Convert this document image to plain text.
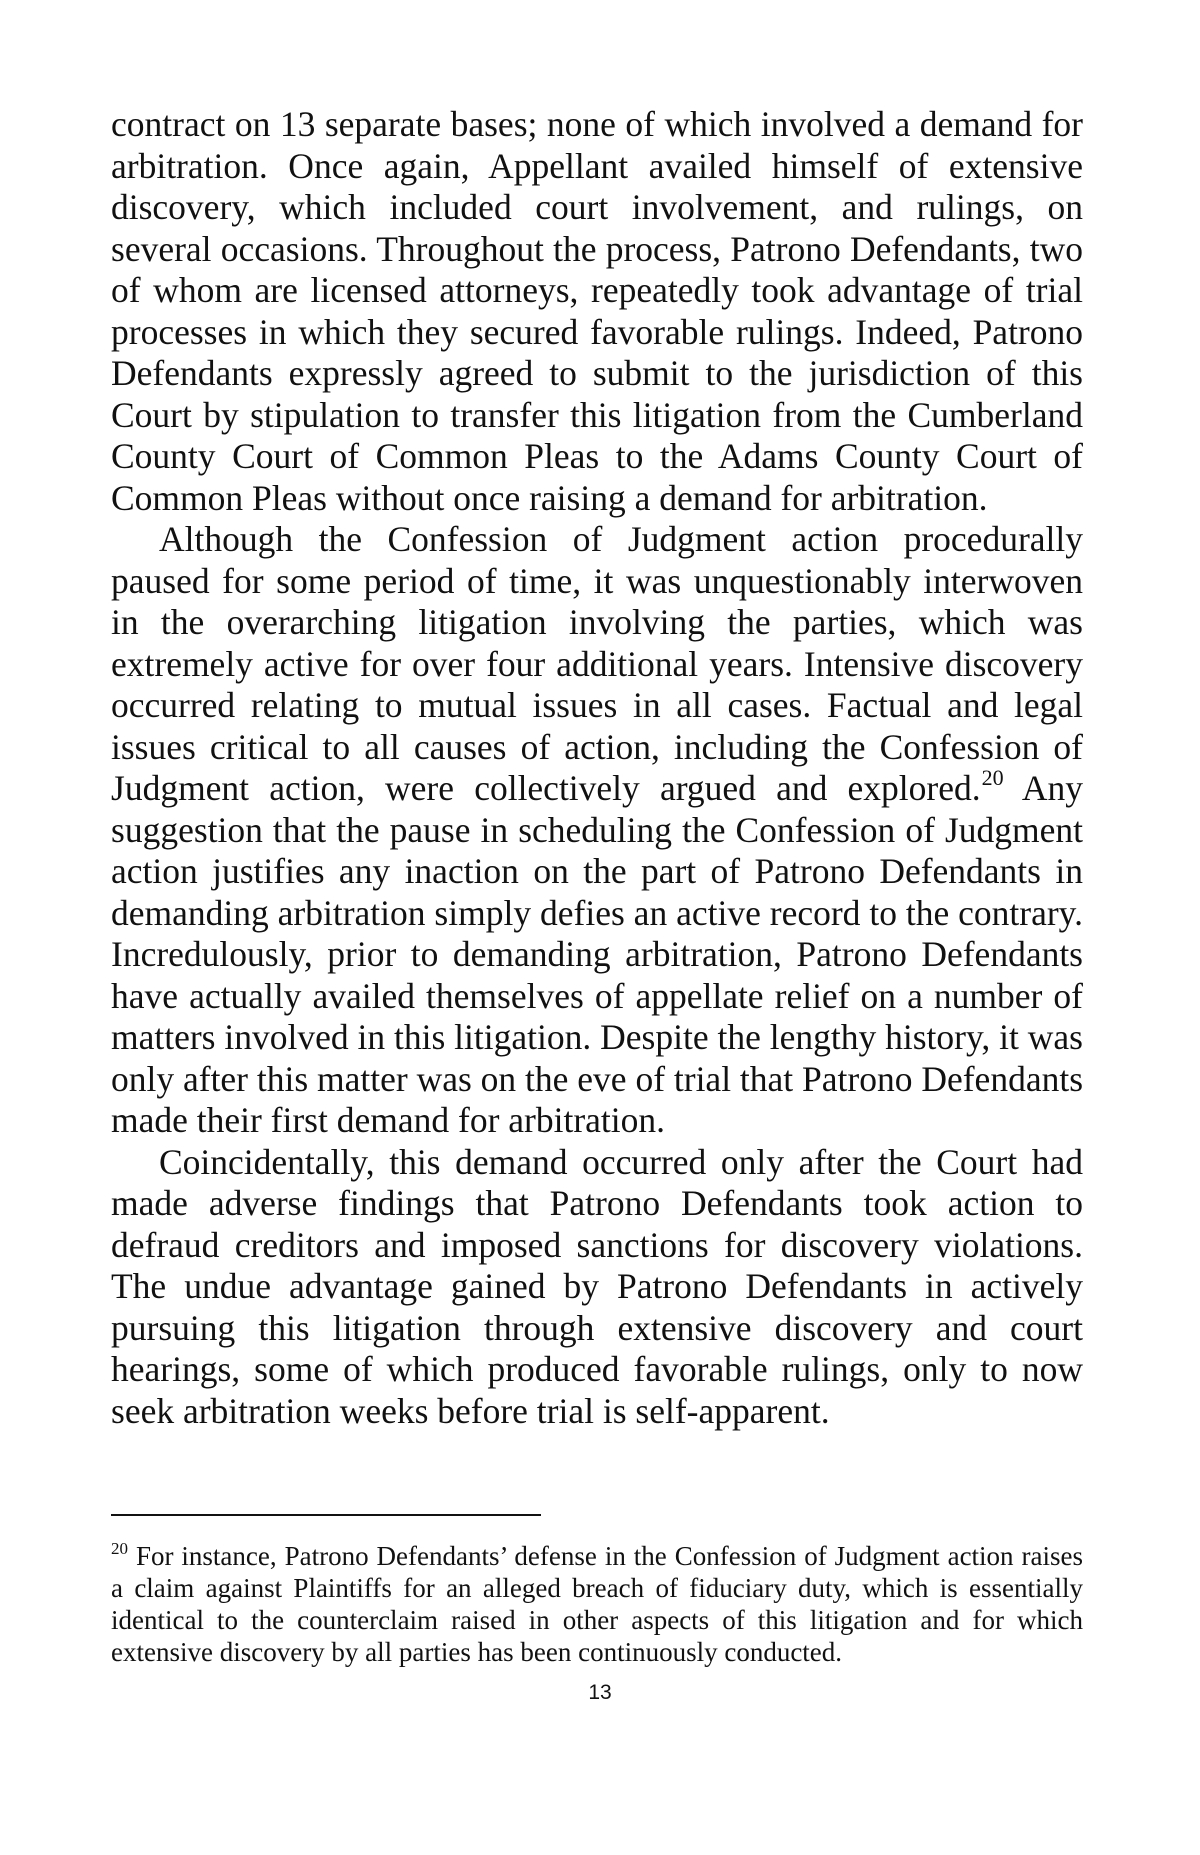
contract on 13 separate bases; none of which involved a demand for arbitration. Once again, Appellant availed himself of extensive discovery, which included court involvement, and rulings, on several occasions. Throughout the process, Patrono Defendants, two of whom are licensed attorneys, repeatedly took advantage of trial processes in which they secured favorable rulings. Indeed, Patrono Defendants expressly agreed to submit to the jurisdiction of this Court by stipulation to transfer this litigation from the Cumberland County Court of Common Pleas to the Adams County Court of Common Pleas without once raising a demand for arbitration.

Although the Confession of Judgment action procedurally paused for some period of time, it was unquestionably interwoven in the overarching litigation involving the parties, which was extremely active for over four additional years. Intensive discovery occurred relating to mutual issues in all cases. Factual and legal issues critical to all causes of action, including the Confession of Judgment action, were collectively argued and explored.$^{20}$ Any suggestion that the pause in scheduling the Confession of Judgment action justifies any inaction on the part of Patrono Defendants in demanding arbitration simply defies an active record to the contrary. Incredulously, prior to demanding arbitration, Patrono Defendants have actually availed themselves of appellate relief on a number of matters involved in this litigation. Despite the lengthy history, it was only after this matter was on the eve of trial that Patrono Defendants made their first demand for arbitration.

Coincidentally, this demand occurred only after the Court had made adverse findings that Patrono Defendants took action to defraud creditors and imposed sanctions for discovery violations. The undue advantage gained by Patrono Defendants in actively pursuing this litigation through extensive discovery and court hearings, some of which produced favorable rulings, only to now seek arbitration weeks before trial is self-apparent.

$^{20}$ For instance, Patrono Defendants’ defense in the Confession of Judgment action raises a claim against Plaintiffs for an alleged breach of fiduciary duty, which is essentially identical to the counterclaim raised in other aspects of this litigation and for which extensive discovery by all parties has been continuously conducted.

13
